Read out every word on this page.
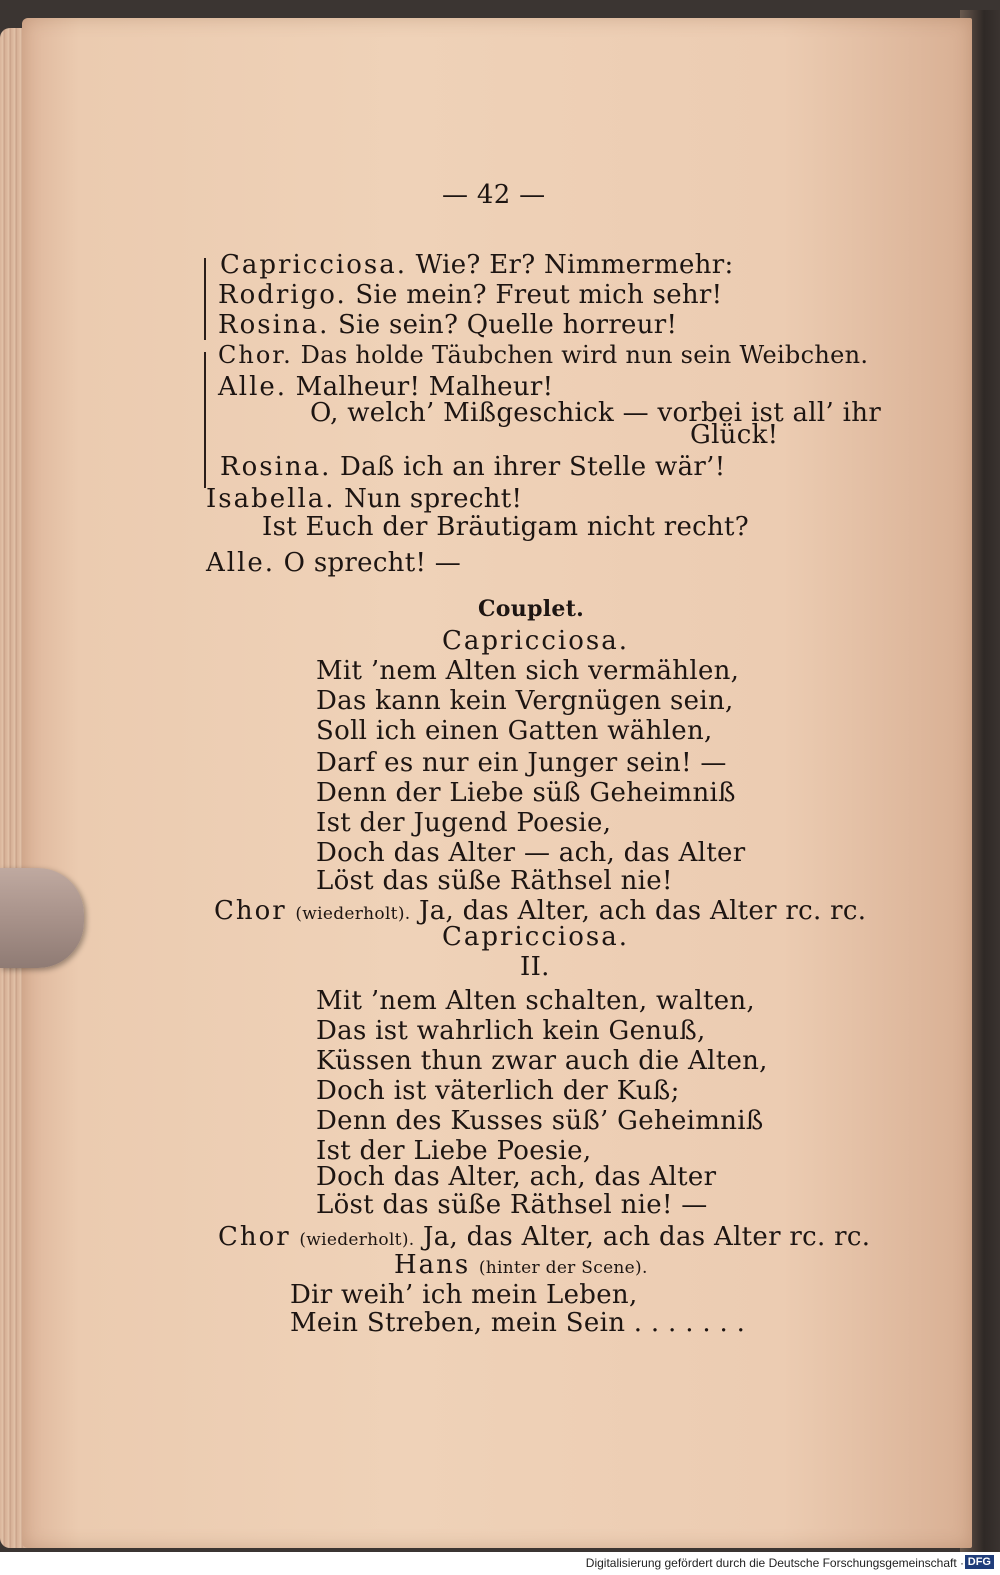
— 42 —
Capricciosa. Wie? Er? Nimmermehr:
Rodrigo. Sie mein? Freut mich sehr!
Rosina. Sie sein? Quelle horreur!
Chor. Das holde Täubchen wird nun sein Weibchen.
Alle. Malheur! Malheur!
O, welch’ Mißgeschick — vorbei ist all’ ihr
Glück!
Rosina. Daß ich an ihrer Stelle wär’!
Isabella. Nun sprecht!
Ist Euch der Bräutigam nicht recht?
Alle. O sprecht! —
Couplet.
Capricciosa.
Mit ’nem Alten sich vermählen,
Das kann kein Vergnügen sein,
Soll ich einen Gatten wählen,
Darf es nur ein Junger sein! —
Denn der Liebe süß Geheimniß
Ist der Jugend Poesie,
Doch das Alter — ach, das Alter
Löst das süße Räthsel nie!
Chor (wiederholt). Ja, das Alter, ach das Alter rc. rc.
Capricciosa.
II.
Mit ’nem Alten schalten, walten,
Das ist wahrlich kein Genuß,
Küssen thun zwar auch die Alten,
Doch ist väterlich der Kuß;
Denn des Kusses süß’ Geheimniß
Ist der Liebe Poesie,
Doch das Alter, ach, das Alter
Löst das süße Räthsel nie! —
Chor (wiederholt). Ja, das Alter, ach das Alter rc. rc.
Hans (hinter der Scene).
Dir weih’ ich mein Leben,
Mein Streben, mein Sein . . . . . . .
Digitalisierung gefördert durch die Deutsche Forschungsgemeinschaft · DFG
